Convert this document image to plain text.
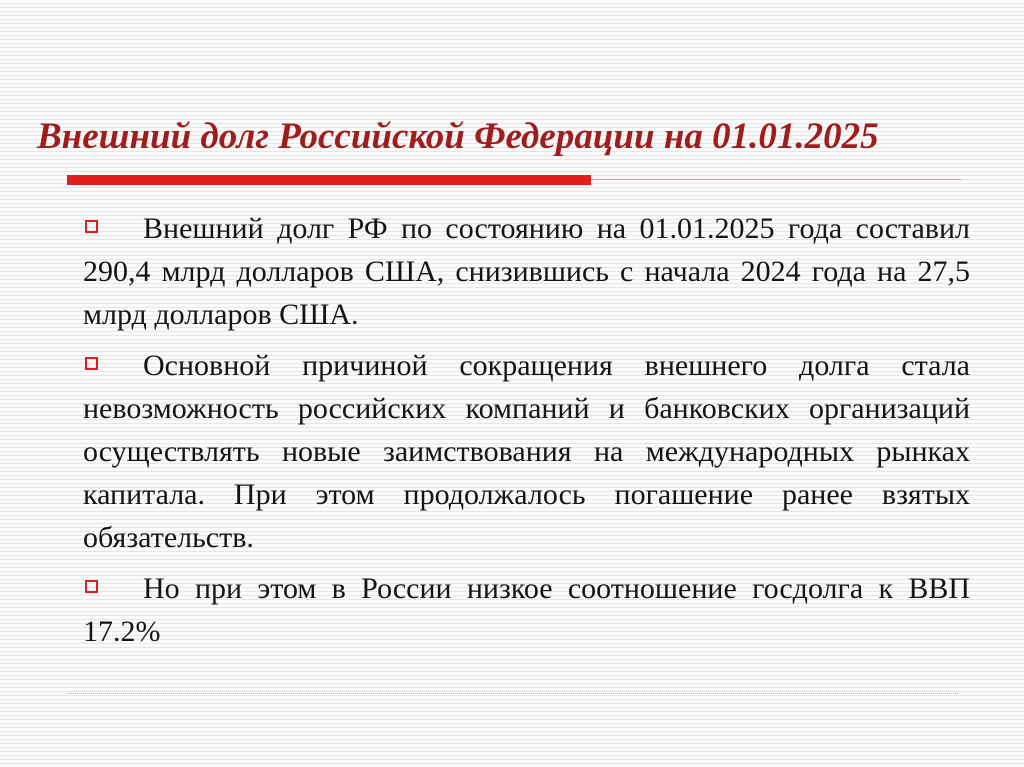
Внешний долг Российской Федерации на 01.01.2025

Внешний долг РФ по состоянию на 01.01.2025 года составил 290,4 млрд долларов США, снизившись с начала 2024 года на 27,5 млрд долларов США.

Основной причиной сокращения внешнего долга стала невозможность российских компаний и банковских организаций осуществлять новые заимствования на международных рынках капитала. При этом продолжалось погашение ранее взятых обязательств.

Но при этом в России низкое соотношение госдолга к ВВП 17.2%
